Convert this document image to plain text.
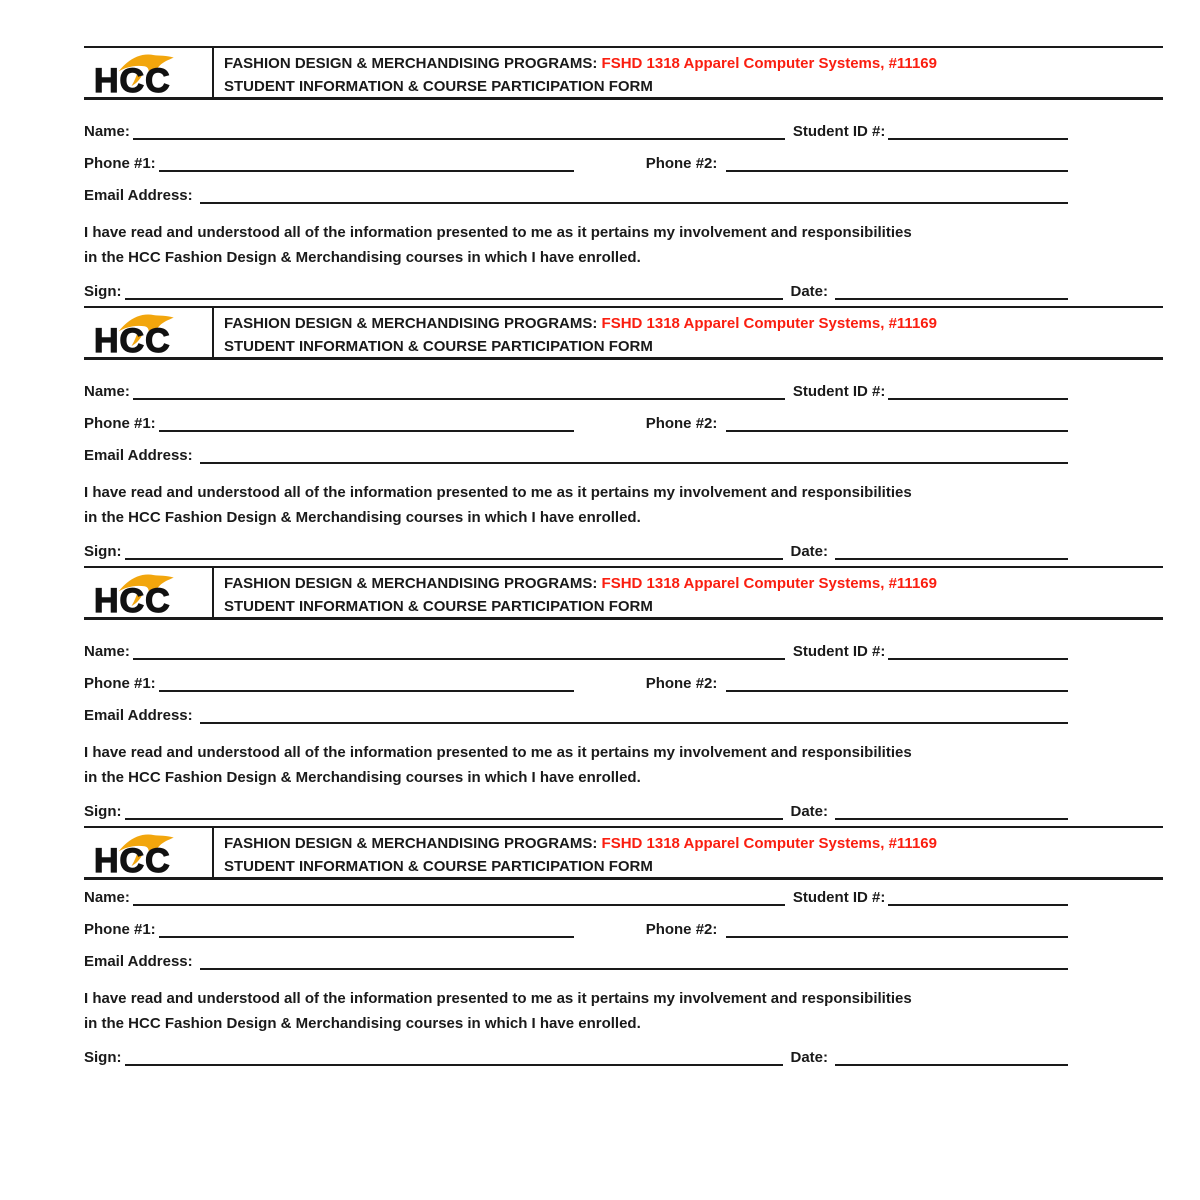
HCC	FASHION DESIGN & MERCHANDISING PROGRAMS: FSHD 1318 Apparel Computer Systems, #11169
STUDENT INFORMATION & COURSE PARTICIPATION FORM
Name:	Student ID #:
Phone #1:	Phone #2:
Email Address:
I have read and understood all of the information presented to me as it pertains my involvement and responsibilities
in the HCC Fashion Design & Merchandising courses in which I have enrolled.
Sign:	Date:
HCC	FASHION DESIGN & MERCHANDISING PROGRAMS: FSHD 1318 Apparel Computer Systems, #11169
STUDENT INFORMATION & COURSE PARTICIPATION FORM
Name:	Student ID #:
Phone #1:	Phone #2:
Email Address:
I have read and understood all of the information presented to me as it pertains my involvement and responsibilities
in the HCC Fashion Design & Merchandising courses in which I have enrolled.
Sign:	Date:
HCC	FASHION DESIGN & MERCHANDISING PROGRAMS: FSHD 1318 Apparel Computer Systems, #11169
STUDENT INFORMATION & COURSE PARTICIPATION FORM
Name:	Student ID #:
Phone #1:	Phone #2:
Email Address:
I have read and understood all of the information presented to me as it pertains my involvement and responsibilities
in the HCC Fashion Design & Merchandising courses in which I have enrolled.
Sign:	Date:
HCC	FASHION DESIGN & MERCHANDISING PROGRAMS: FSHD 1318 Apparel Computer Systems, #11169
STUDENT INFORMATION & COURSE PARTICIPATION FORM
Name:	Student ID #:
Phone #1:	Phone #2:
Email Address:
I have read and understood all of the information presented to me as it pertains my involvement and responsibilities
in the HCC Fashion Design & Merchandising courses in which I have enrolled.
Sign:	Date:
